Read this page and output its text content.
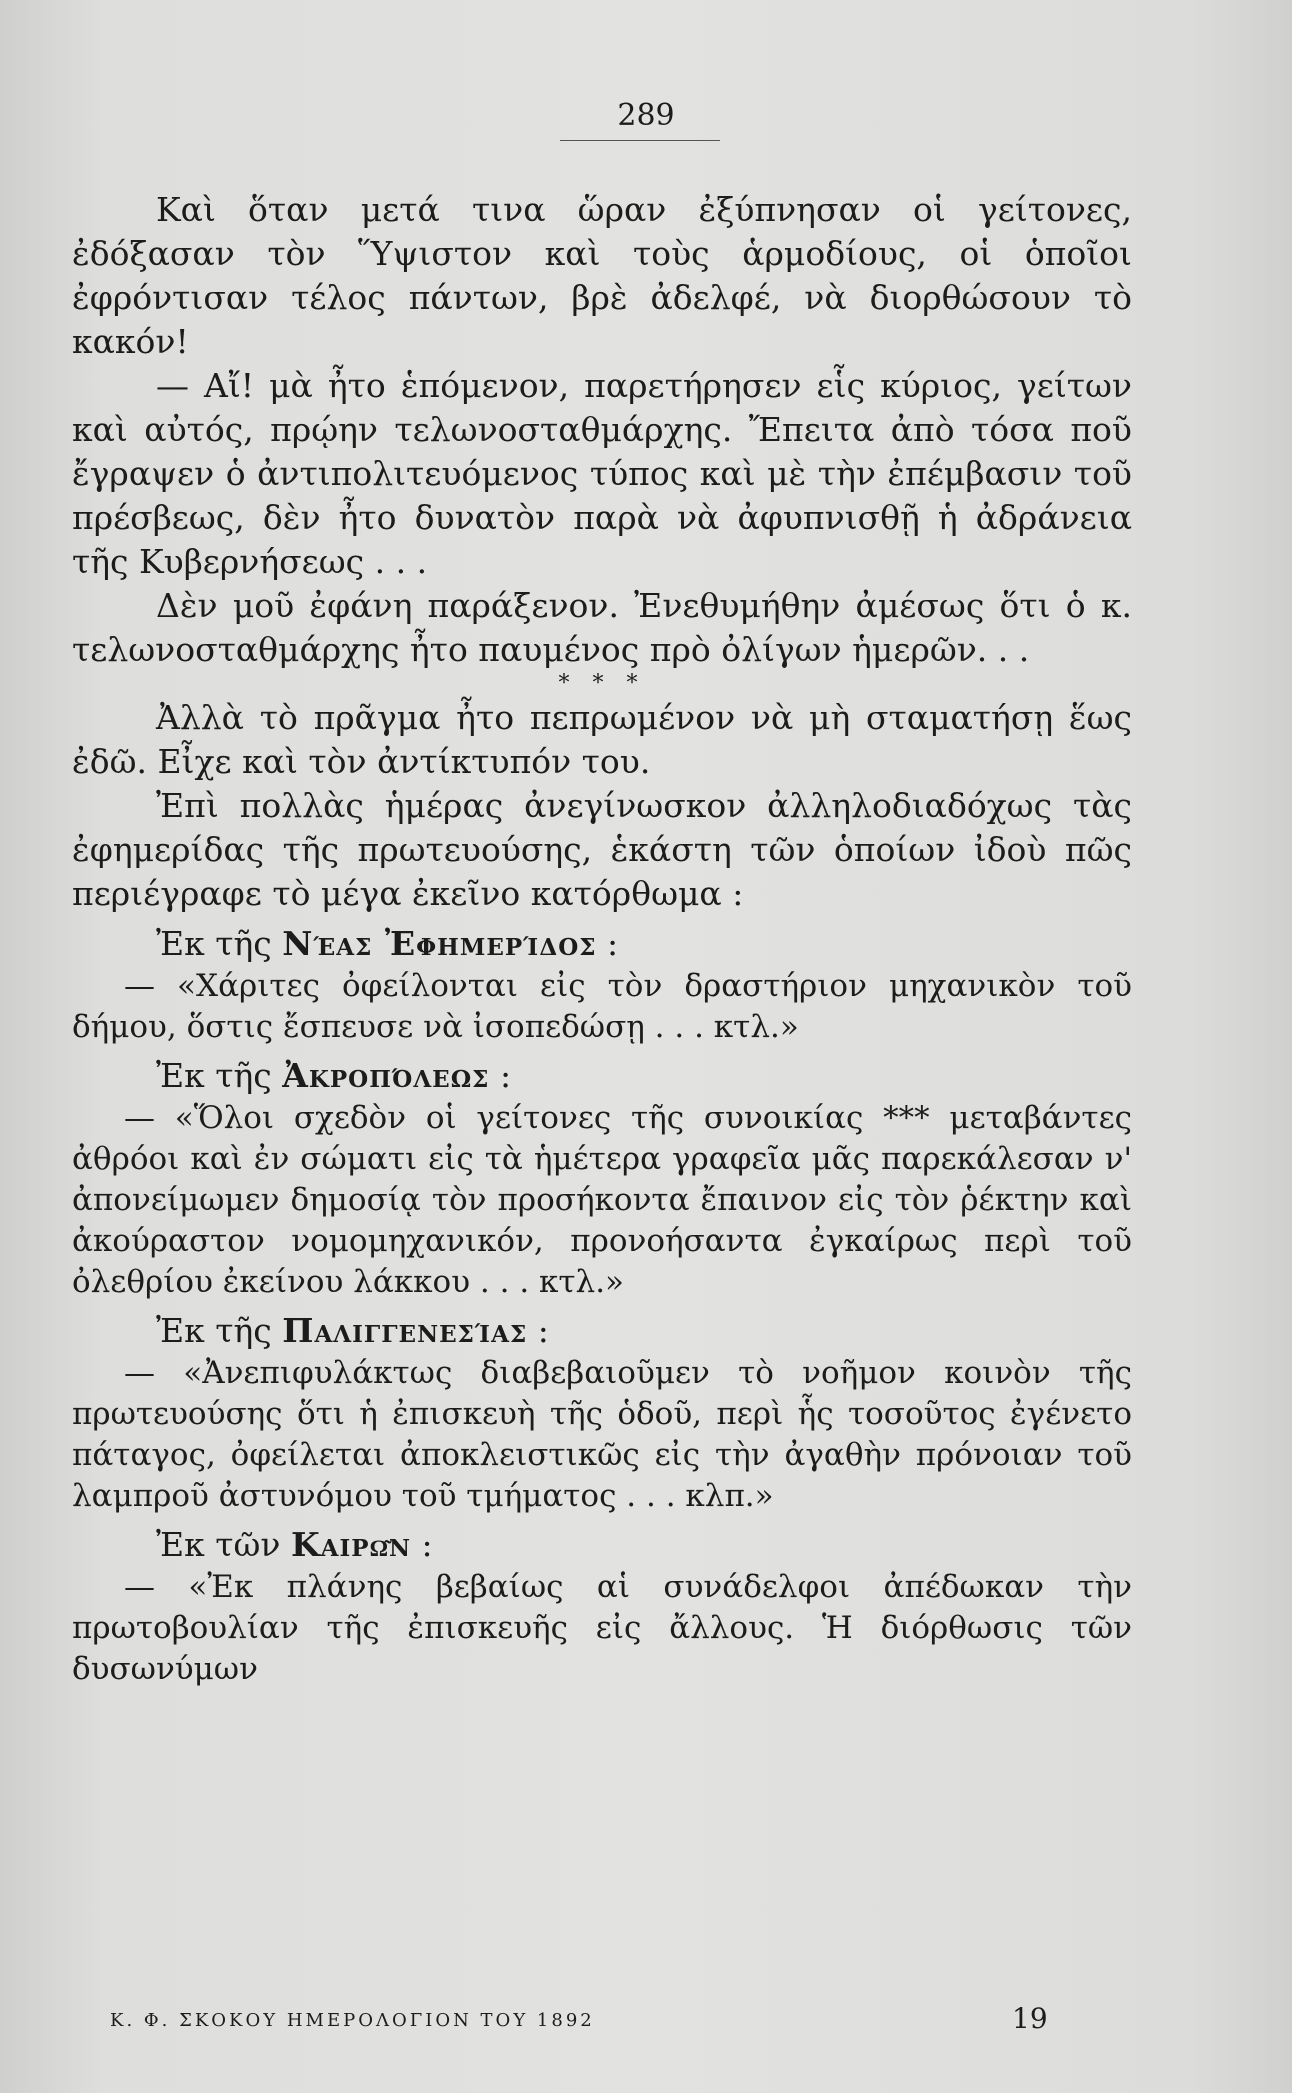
289

Καὶ ὅταν μετά τινα ὥραν ἐξύπνησαν οἱ γείτονες, ἐδόξασαν τὸν Ὕψιστον καὶ τοὺς ἁρμοδίους, οἱ ὁποῖοι ἐφρόντισαν τέλος πάντων, βρὲ ἀδελφέ, νὰ διορθώσουν τὸ κακόν!

— Αἴ! μὰ ἦτο ἑπόμενον, παρετήρησεν εἷς κύριος, γείτων καὶ αὐτός, πρῴην τελωνοσταθμάρχης. Ἔπειτα ἀπὸ τόσα ποῦ ἔγραψεν ὁ ἀντιπολιτευόμενος τύπος καὶ μὲ τὴν ἐπέμβασιν τοῦ πρέσβεως, δὲν ἦτο δυνατὸν παρὰ νὰ ἀφυπνισθῇ ἡ ἀδράνεια τῆς Κυβερνήσεως . . .

Δὲν μοῦ ἐφάνη παράξενον. Ἐνεθυμήθην ἀμέσως ὅτι ὁ κ. τελωνοσταθμάρχης ἦτο παυμένος πρὸ ὀλίγων ἡμερῶν. . .

* * *

Ἀλλὰ τὸ πρᾶγμα ἦτο πεπρωμένον νὰ μὴ σταματήσῃ ἕως ἐδῶ. Εἶχε καὶ τὸν ἀντίκτυπόν του.

Ἐπὶ πολλὰς ἡμέρας ἀνεγίνωσκον ἀλληλοδιαδόχως τὰς ἐφημερίδας τῆς πρωτευούσης, ἑκάστη τῶν ὁποίων ἰδοὺ πῶς περιέγραφε τὸ μέγα ἐκεῖνο κατόρθωμα :

Ἐκ τῆς Νέας Ἐφημερίδος :

— «Χάριτες ὀφείλονται εἰς τὸν δραστήριον μηχανικὸν τοῦ δήμου, ὅστις ἔσπευσε νὰ ἰσοπεδώσῃ . . . κτλ.»

Ἐκ τῆς Ἀκροπόλεως :

— «Ὅλοι σχεδὸν οἱ γείτονες τῆς συνοικίας *** μεταβάντες ἀθρόοι καὶ ἐν σώματι εἰς τὰ ἡμέτερα γραφεῖα μᾶς παρεκάλεσαν ν' ἀπονείμωμεν δημοσίᾳ τὸν προσήκοντα ἔπαινον εἰς τὸν ῥέκτην καὶ ἀκούραστον νομομηχανικόν, προνοήσαντα ἐγκαίρως περὶ τοῦ ὀλεθρίου ἐκείνου λάκκου . . . κτλ.»

Ἐκ τῆς Παλιγγενεσίας :

— «Ἀνεπιφυλάκτως διαβεβαιοῦμεν τὸ νοῆμον κοινὸν τῆς πρωτευούσης ὅτι ἡ ἐπισκευὴ τῆς ὁδοῦ, περὶ ἧς τοσοῦτος ἐγένετο πάταγος, ὀφείλεται ἀποκλειστικῶς εἰς τὴν ἀγαθὴν πρόνοιαν τοῦ λαμπροῦ ἀστυνόμου τοῦ τμήματος . . . κλπ.»

Ἐκ τῶν Καιρῶν :

— «Ἐκ πλάνης βεβαίως αἱ συνάδελφοι ἀπέδωκαν τὴν πρωτοβουλίαν τῆς ἐπισκευῆς εἰς ἄλλους. Ἡ διόρθωσις τῶν δυσωνύμων

Κ. Φ. ΣΚΟΚΟΥ ΗΜΕΡΟΛΟΓΙΟΝ ΤΟΥ 1892	19
